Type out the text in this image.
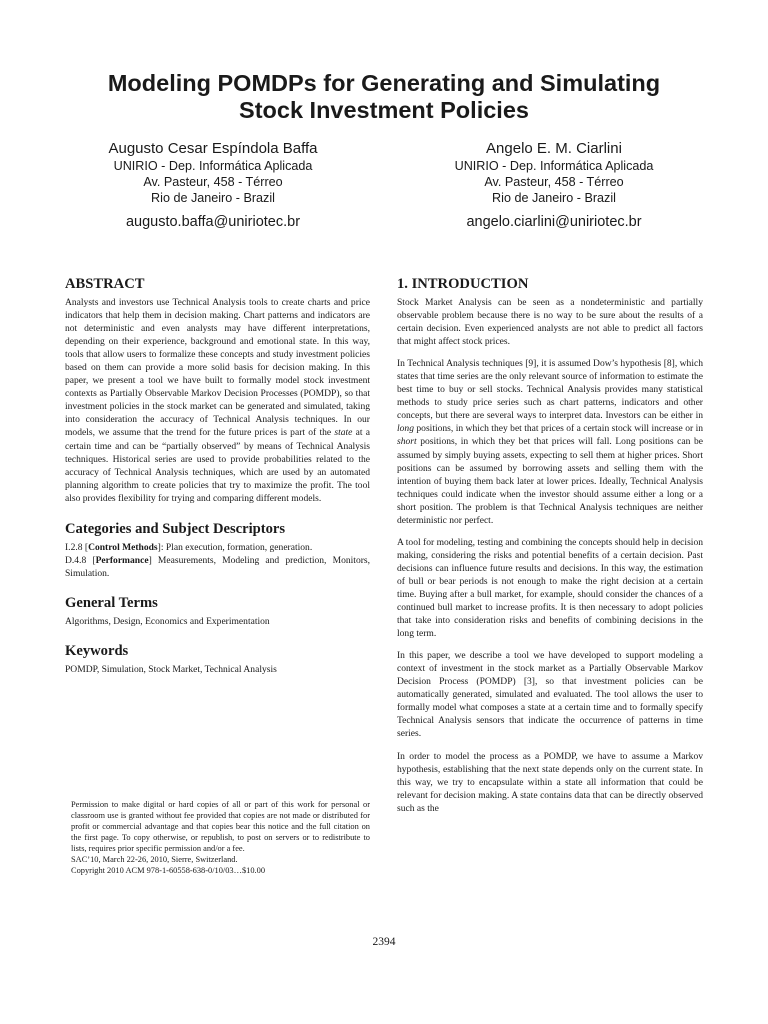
Modeling POMDPs for Generating and Simulating
Stock Investment Policies
Augusto Cesar Espíndola Baffa
UNIRIO - Dep. Informática Aplicada
Av. Pasteur, 458 - Térreo
Rio de Janeiro - Brazil
augusto.baffa@uniriotec.br
Angelo E. M. Ciarlini
UNIRIO - Dep. Informática Aplicada
Av. Pasteur, 458 - Térreo
Rio de Janeiro - Brazil
angelo.ciarlini@uniriotec.br
ABSTRACT

Analysts and investors use Technical Analysis tools to create charts and price indicators that help them in decision making. Chart patterns and indicators are not deterministic and even analysts may have different interpretations, depending on their experience, background and emotional state. In this way, tools that allow users to formalize these concepts and study investment policies based on them can provide a more solid basis for decision making. In this paper, we present a tool we have built to formally model stock investment contexts as Partially Observable Markov Decision Processes (POMDP), so that investment policies in the stock market can be generated and simulated, taking into consideration the accuracy of Technical Analysis techniques. In our models, we assume that the trend for the future prices is part of the state at a certain time and can be “partially observed” by means of Technical Analysis techniques. Historical series are used to provide probabilities related to the accuracy of Technical Analysis techniques, which are used by an automated planning algorithm to create policies that try to maximize the profit. The tool also provides flexibility for trying and comparing different models.

Categories and Subject Descriptors

I.2.8 [Control Methods]: Plan execution, formation, generation.
D.4.8 [Performance] Measurements, Modeling and prediction, Monitors, Simulation.

General Terms

Algorithms, Design, Economics and Experimentation

Keywords

POMDP, Simulation, Stock Market, Technical Analysis

Permission to make digital or hard copies of all or part of this work for personal or classroom use is granted without fee provided that copies are not made or distributed for profit or commercial advantage and that copies bear this notice and the full citation on the first page. To copy otherwise, or republish, to post on servers or to redistribute to lists, requires prior specific permission and/or a fee.
SAC’10, March 22-26, 2010, Sierre, Switzerland.
Copyright 2010 ACM 978-1-60558-638-0/10/03…$10.00
1. INTRODUCTION

Stock Market Analysis can be seen as a nondeterministic and partially observable problem because there is no way to be sure about the results of a certain decision. Even experienced analysts are not able to predict all factors that might affect stock prices.

In Technical Analysis techniques [9], it is assumed Dow’s hypothesis [8], which states that time series are the only relevant source of information to estimate the best time to buy or sell stocks. Technical Analysis provides many statistical methods to study price series such as chart patterns, indicators and other concepts, but there are several ways to interpret data. Investors can be either in long positions, in which they bet that prices of a certain stock will increase or in short positions, in which they bet that prices will fall. Long positions can be assumed by simply buying assets, expecting to sell them at higher prices. Short positions can be assumed by borrowing assets and selling them with the intention of buying them back later at lower prices. Ideally, Technical Analysis techniques could indicate when the investor should assume either a long or a short position. The problem is that Technical Analysis techniques are neither deterministic nor perfect.

A tool for modeling, testing and combining the concepts should help in decision making, considering the risks and potential benefits of a certain decision. Past decisions can influence future results and decisions. In this way, the estimation of bull or bear periods is not enough to make the right decision at a certain time. Buying after a bull market, for example, should consider the chances of a continued bull market to increase profits. It is then necessary to adopt policies that take into consideration risks and benefits of combining decisions in the long term.

In this paper, we describe a tool we have developed to support modeling a context of investment in the stock market as a Partially Observable Markov Decision Process (POMDP) [3], so that investment policies can be automatically generated, simulated and evaluated. The tool allows the user to formally model what composes a state at a certain time and to formally specify Technical Analysis sensors that indicate the occurrence of patterns in time series.

In order to model the process as a POMDP, we have to assume a Markov hypothesis, establishing that the next state depends only on the current state. In this way, we try to encapsulate within a state all information that could be relevant for decision making. A state contains data that can be directly observed such as the

2394
